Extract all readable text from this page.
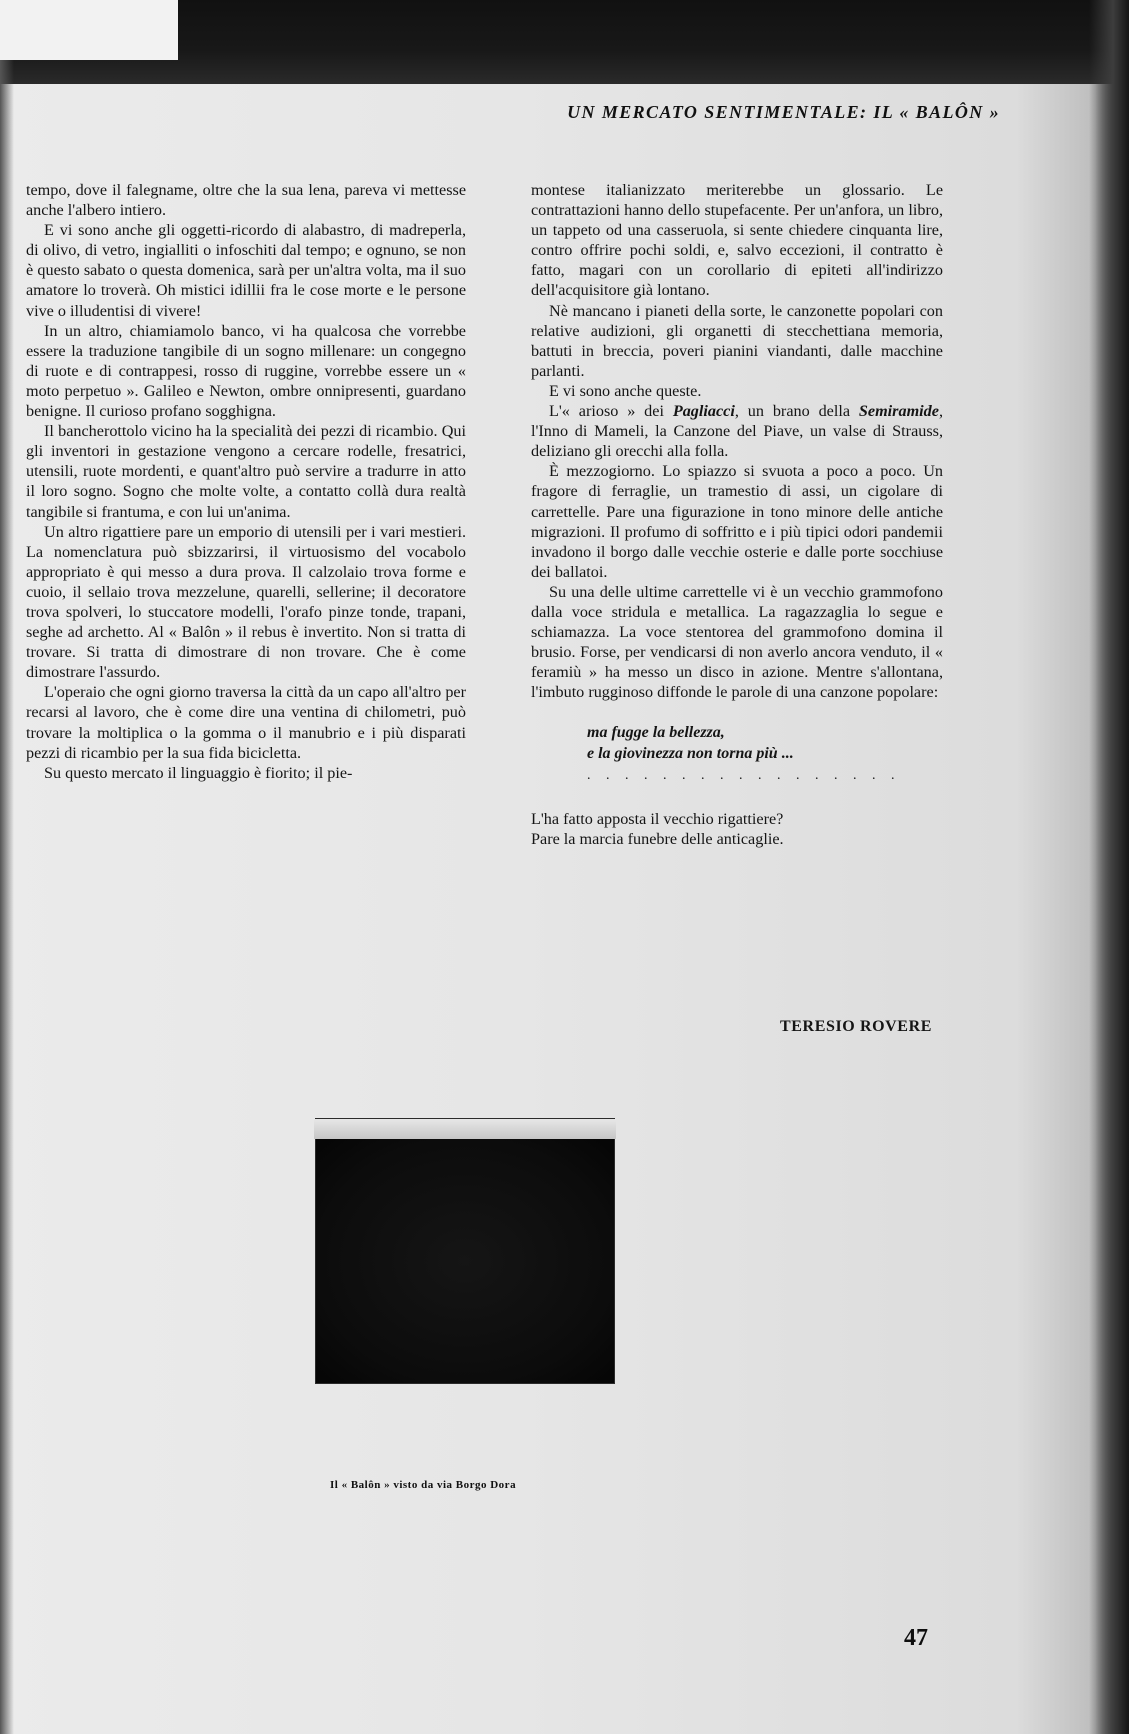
UN MERCATO SENTIMENTALE: IL « BALÔN »

tempo, dove il falegname, oltre che la sua lena, pareva vi mettesse anche l'albero intiero.

E vi sono anche gli oggetti-ricordo di alabastro, di madreperla, di olivo, di vetro, ingialliti o infoschiti dal tempo; e ognuno, se non è questo sabato o questa domenica, sarà per un'altra volta, ma il suo amatore lo troverà. Oh mistici idillii fra le cose morte e le persone vive o illudentisi di vivere!

In un altro, chiamiamolo banco, vi ha qualcosa che vorrebbe essere la traduzione tangibile di un sogno millenare: un congegno di ruote e di contrappesi, rosso di ruggine, vorrebbe essere un « moto perpetuo ». Galileo e Newton, ombre onnipresenti, guardano benigne. Il curioso profano sogghigna.

Il bancherottolo vicino ha la specialità dei pezzi di ricambio. Qui gli inventori in gestazione vengono a cercare rodelle, fresatrici, utensili, ruote mordenti, e quant'altro può servire a tradurre in atto il loro sogno. Sogno che molte volte, a contatto collà dura realtà tangibile si frantuma, e con lui un'anima.

Un altro rigattiere pare un emporio di utensili per i vari mestieri. La nomenclatura può sbizzarirsi, il virtuosismo del vocabolo appropriato è qui messo a dura prova. Il calzolaio trova forme e cuoio, il sellaio trova mezzelune, quarelli, sellerine; il decoratore trova spolveri, lo stuccatore modelli, l'orafo pinze tonde, trapani, seghe ad archetto. Al « Balôn » il rebus è invertito. Non si tratta di trovare. Si tratta di dimostrare di non trovare. Che è come dimostrare l'assurdo.

L'operaio che ogni giorno traversa la città da un capo all'altro per recarsi al lavoro, che è come dire una ventina di chilometri, può trovare la moltiplica o la gomma o il manubrio e i più disparati pezzi di ricambio per la sua fida bicicletta.

Su questo mercato il linguaggio è fiorito; il pie-

montese italianizzato meriterebbe un glossario. Le contrattazioni hanno dello stupefacente. Per un'anfora, un libro, un tappeto od una casseruola, si sente chiedere cinquanta lire, contro offrire pochi soldi, e, salvo eccezioni, il contratto è fatto, magari con un corollario di epiteti all'indirizzo dell'acquisitore già lontano.

Nè mancano i pianeti della sorte, le canzonette popolari con relative audizioni, gli organetti di stecchettiana memoria, battuti in breccia, poveri pianini viandanti, dalle macchine parlanti.

E vi sono anche queste.

L'« arioso » dei Pagliacci, un brano della Semiramide, l'Inno di Mameli, la Canzone del Piave, un valse di Strauss, deliziano gli orecchi alla folla.

È mezzogiorno. Lo spiazzo si svuota a poco a poco. Un fragore di ferraglie, un tramestio di assi, un cigolare di carrettelle. Pare una figurazione in tono minore delle antiche migrazioni. Il profumo di soffritto e i più tipici odori pandemii invadono il borgo dalle vecchie osterie e dalle porte socchiuse dei ballatoi.

Su una delle ultime carrettelle vi è un vecchio grammofono dalla voce stridula e metallica. La ragazzaglia lo segue e schiamazza. La voce stentorea del grammofono domina il brusio. Forse, per vendicarsi di non averlo ancora venduto, il « feramiù » ha messo un disco in azione. Mentre s'allontana, l'imbuto rugginoso diffonde le parole di una canzone popolare:

ma fugge la bellezza,
e la giovinezza non torna più ...
. . . . . . . . . . . . . . . . .

L'ha fatto apposta il vecchio rigattiere?

Pare la marcia funebre delle anticaglie.

TERESIO ROVERE
Il « Balôn » visto da via Borgo Dora
47
